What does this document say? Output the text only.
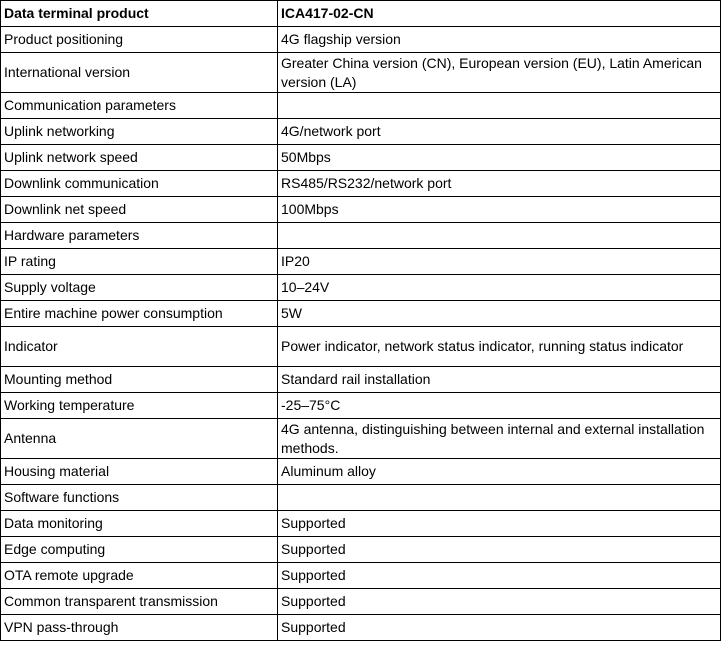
Data terminal product	ICA417-02-CN
Product positioning	4G flagship version
International version	Greater China version (CN), European version (EU), Latin American version (LA)
Communication parameters	
Uplink networking	4G/network port
Uplink network speed	50Mbps
Downlink communication	RS485/RS232/network port
Downlink net speed	100Mbps
Hardware parameters	
IP rating	IP20
Supply voltage	10–24V
Entire machine power consumption	5W
Indicator	Power indicator, network status indicator, running status indicator
Mounting method	Standard rail installation
Working temperature	-25–75°C
Antenna	4G antenna, distinguishing between internal and external installation methods.
Housing material	Aluminum alloy
Software functions	
Data monitoring	Supported
Edge computing	Supported
OTA remote upgrade	Supported
Common transparent transmission	Supported
VPN pass-through	Supported
